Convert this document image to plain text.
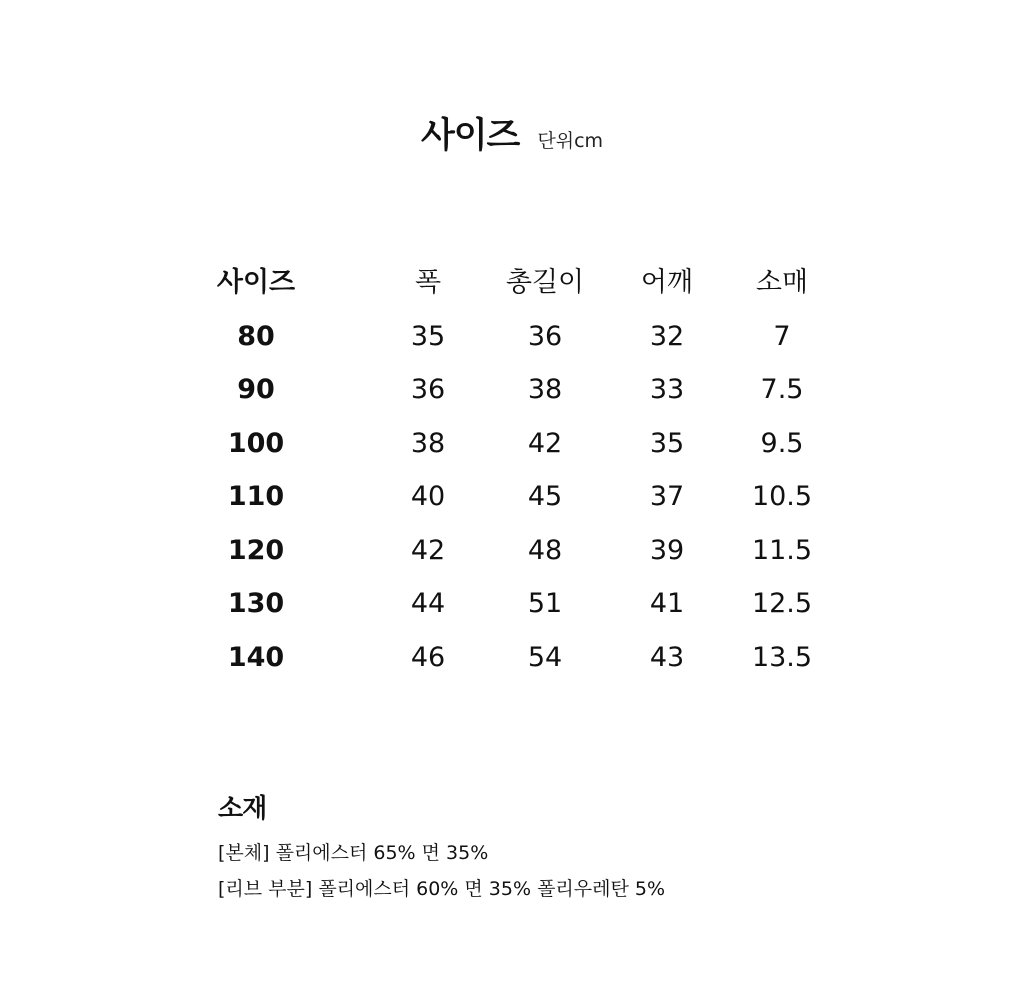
사이즈 단위cm
사이즈	폭 총길이 어깨 소매
80	35	36	32	7
90	36	38	33	7.5
100	38	42	35	9.5
110	40	45	37	10.5
120	42	48	39	11.5
130	44	51	41	12.5
140	46	54	43	13.5
소재
[본체] 폴리에스터 65% 면 35%
[리브 부분] 폴리에스터 60% 면 35% 폴리우레탄 5%
